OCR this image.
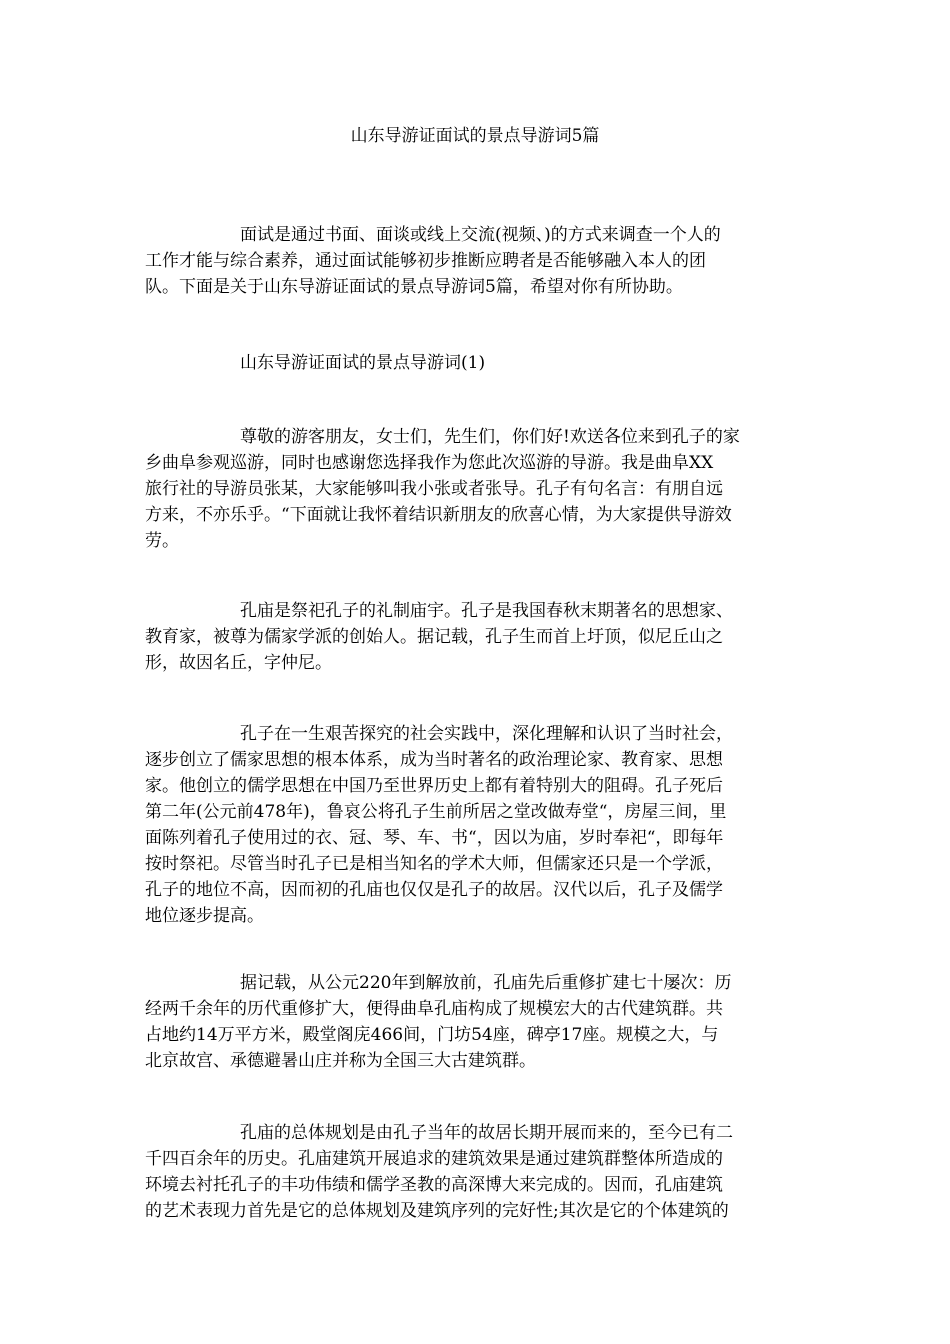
山东导游证面试的景点导游词5篇
面试是通过书面、面谈或线上交流(视频、)的方式来调查一个人的
工作才能与综合素养，通过面试能够初步推断应聘者是否能够融入本人的团
队。下面是关于山东导游证面试的景点导游词5篇，希望对你有所协助。
山东导游证面试的景点导游词(1)
尊敬的游客朋友，女士们，先生们，你们好!欢送各位来到孔子的家
乡曲阜参观巡游，同时也感谢您选择我作为您此次巡游的导游。我是曲阜XX
旅行社的导游员张某，大家能够叫我小张或者张导。孔子有句名言：有朋自远
方来，不亦乐乎。“下面就让我怀着结识新朋友的欣喜心情，为大家提供导游效
劳。
孔庙是祭祀孔子的礼制庙宇。孔子是我国春秋末期著名的思想家、
教育家，被尊为儒家学派的创始人。据记载，孔子生而首上圩顶，似尼丘山之
形，故因名丘，字仲尼。
孔子在一生艰苦探究的社会实践中，深化理解和认识了当时社会，
逐步创立了儒家思想的根本体系，成为当时著名的政治理论家、教育家、思想
家。他创立的儒学思想在中国乃至世界历史上都有着特别大的阻碍。孔子死后
第二年(公元前478年)，鲁哀公将孔子生前所居之堂改做寿堂“，房屋三间，里
面陈列着孔子使用过的衣、冠、琴、车、书“，因以为庙，岁时奉祀“，即每年
按时祭祀。尽管当时孔子已是相当知名的学术大师，但儒家还只是一个学派，
孔子的地位不高，因而初的孔庙也仅仅是孔子的故居。汉代以后，孔子及儒学
地位逐步提高。
据记载，从公元220年到解放前，孔庙先后重修扩建七十屡次：历
经两千余年的历代重修扩大，便得曲阜孔庙构成了规模宏大的古代建筑群。共
占地约14万平方米，殿堂阁庑466间，门坊54座，碑亭17座。规模之大，与
北京故宫、承德避暑山庄并称为全国三大古建筑群。
孔庙的总体规划是由孔子当年的故居长期开展而来的，至今已有二
千四百余年的历史。孔庙建筑开展追求的建筑效果是通过建筑群整体所造成的
环境去衬托孔子的丰功伟绩和儒学圣教的高深博大来完成的。因而，孔庙建筑
的艺术表现力首先是它的总体规划及建筑序列的完好性;其次是它的个体建筑的
